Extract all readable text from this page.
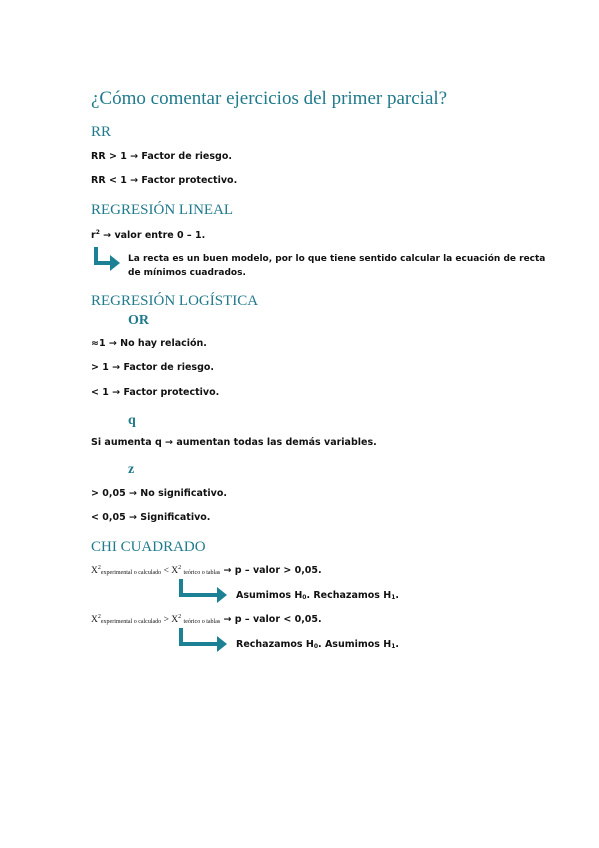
¿Cómo comentar ejercicios del primer parcial?
RR
RR > 1 → Factor de riesgo.
RR < 1 → Factor protectivo.
REGRESIÓN LINEAL
$r^2$ → valor entre 0 – 1.
La recta es un buen modelo, por lo que tiene sentido calcular la ecuación de recta
de mínimos cuadrados.
REGRESIÓN LOGÍSTICA
OR
≈1 → No hay relación.
> 1 → Factor de riesgo.
< 1 → Factor protectivo.
q
Si aumenta q → aumentan todas las demás variables.
z
> 0,05 → No significativo.
< 0,05 → Significativo.
CHI CUADRADO
$X^2experimental$ o calculado < $X^2$ teórico o tablas → p – valor > 0,05.
Asumimos H0. Rechazamos H1.
$X^2experimental$ o calculado > $X^2$ teórico o tablas → p – valor < 0,05.
Rechazamos H0. Asumimos H1.
